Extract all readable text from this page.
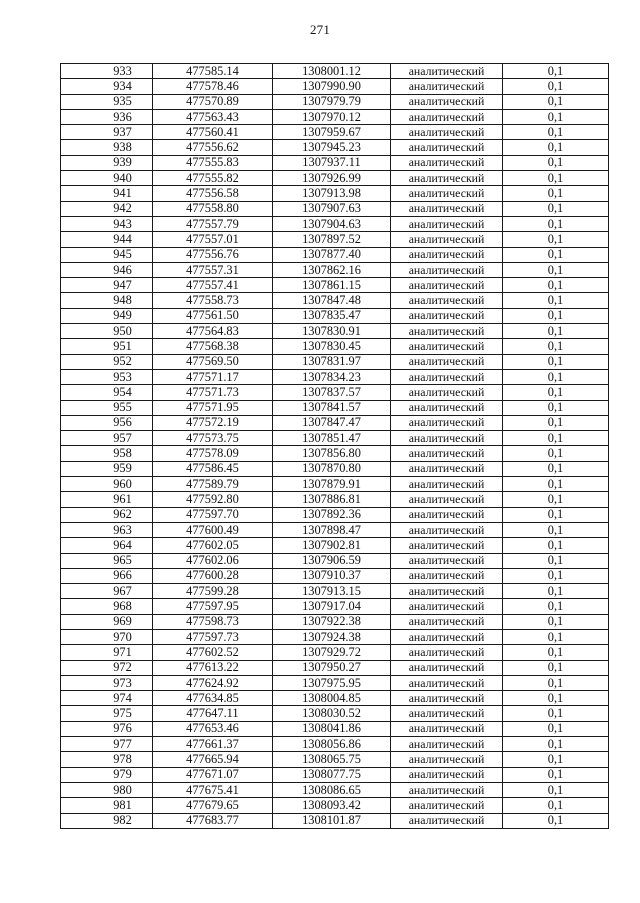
271
933	477585.14	1308001.12	аналитический	0,1
934	477578.46	1307990.90	аналитический	0,1
935	477570.89	1307979.79	аналитический	0,1
936	477563.43	1307970.12	аналитический	0,1
937	477560.41	1307959.67	аналитический	0,1
938	477556.62	1307945.23	аналитический	0,1
939	477555.83	1307937.11	аналитический	0,1
940	477555.82	1307926.99	аналитический	0,1
941	477556.58	1307913.98	аналитический	0,1
942	477558.80	1307907.63	аналитический	0,1
943	477557.79	1307904.63	аналитический	0,1
944	477557.01	1307897.52	аналитический	0,1
945	477556.76	1307877.40	аналитический	0,1
946	477557.31	1307862.16	аналитический	0,1
947	477557.41	1307861.15	аналитический	0,1
948	477558.73	1307847.48	аналитический	0,1
949	477561.50	1307835.47	аналитический	0,1
950	477564.83	1307830.91	аналитический	0,1
951	477568.38	1307830.45	аналитический	0,1
952	477569.50	1307831.97	аналитический	0,1
953	477571.17	1307834.23	аналитический	0,1
954	477571.73	1307837.57	аналитический	0,1
955	477571.95	1307841.57	аналитический	0,1
956	477572.19	1307847.47	аналитический	0,1
957	477573.75	1307851.47	аналитический	0,1
958	477578.09	1307856.80	аналитический	0,1
959	477586.45	1307870.80	аналитический	0,1
960	477589.79	1307879.91	аналитический	0,1
961	477592.80	1307886.81	аналитический	0,1
962	477597.70	1307892.36	аналитический	0,1
963	477600.49	1307898.47	аналитический	0,1
964	477602.05	1307902.81	аналитический	0,1
965	477602.06	1307906.59	аналитический	0,1
966	477600.28	1307910.37	аналитический	0,1
967	477599.28	1307913.15	аналитический	0,1
968	477597.95	1307917.04	аналитический	0,1
969	477598.73	1307922.38	аналитический	0,1
970	477597.73	1307924.38	аналитический	0,1
971	477602.52	1307929.72	аналитический	0,1
972	477613.22	1307950.27	аналитический	0,1
973	477624.92	1307975.95	аналитический	0,1
974	477634.85	1308004.85	аналитический	0,1
975	477647.11	1308030.52	аналитический	0,1
976	477653.46	1308041.86	аналитический	0,1
977	477661.37	1308056.86	аналитический	0,1
978	477665.94	1308065.75	аналитический	0,1
979	477671.07	1308077.75	аналитический	0,1
980	477675.41	1308086.65	аналитический	0,1
981	477679.65	1308093.42	аналитический	0,1
982	477683.77	1308101.87	аналитический	0,1
